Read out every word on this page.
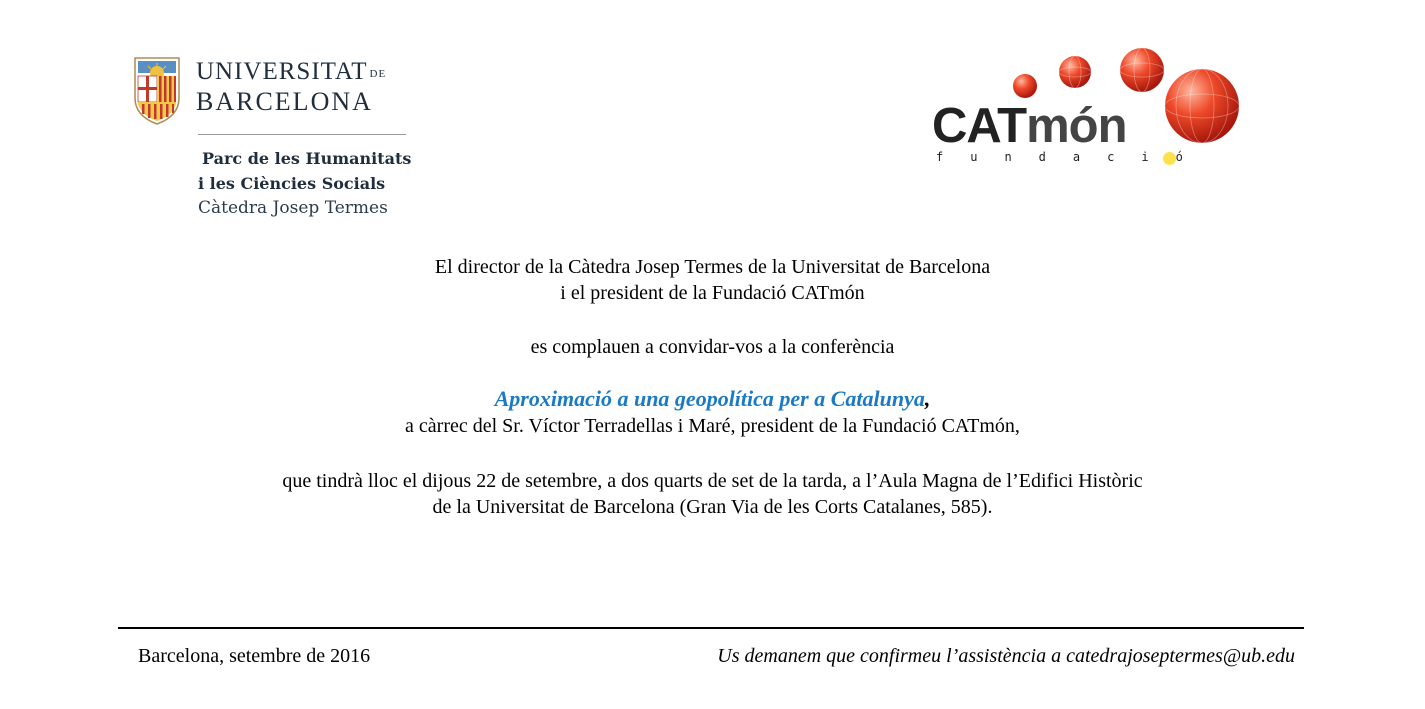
UNIVERSITAT DE
BARCELONA
Parc de les Humanitats
i les Ciències Socials
Càtedra Josep Termes
CATmón
fundació
El director de la Càtedra Josep Termes de la Universitat de Barcelona
i el president de la Fundació CATmón
es complauen a convidar-vos a la conferència
Aproximació a una geopolítica per a Catalunya,
a càrrec del Sr. Víctor Terradellas i Maré, president de la Fundació CATmón,
que tindrà lloc el dijous 22 de setembre, a dos quarts de set de la tarda, a l’Aula Magna de l’Edifici Històric
de la Universitat de Barcelona (Gran Via de les Corts Catalanes, 585).
Barcelona, setembre de 2016	Us demanem que confirmeu l’assistència a catedrajoseptermes@ub.edu
